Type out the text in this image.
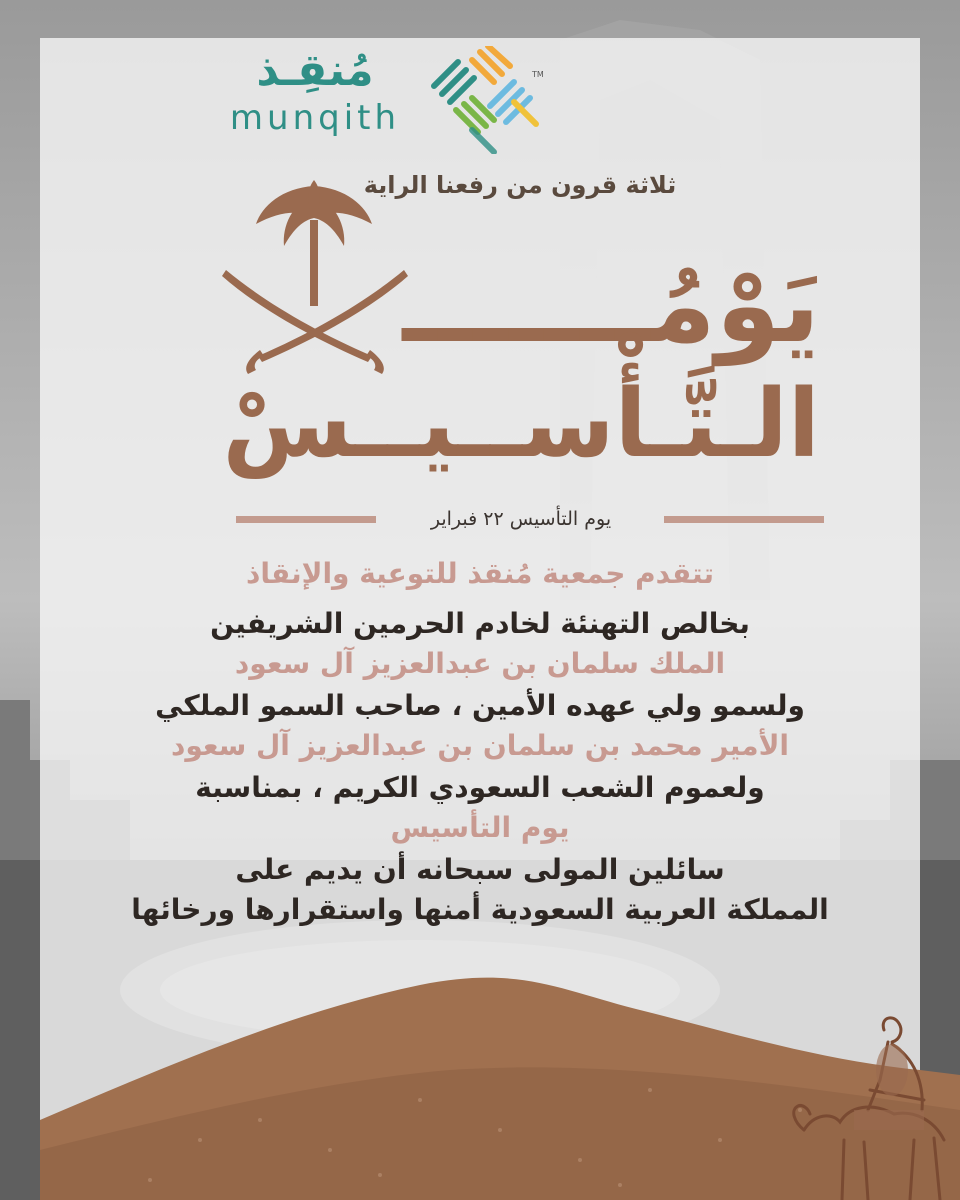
مُنقِـذ
munqith
TM
ثلاثة قرون من رفعنا الراية
يَوْمُـــــــ
الـتَّـأْســيــسْ
يوم التأسيس ٢٢ فبراير
تتقدم جمعية مُنقذ للتوعية والإنقاذ
بخالص التهنئة لخادم الحرمين الشريفين
الملك سلمان بن عبدالعزيز آل سعود
ولسمو ولي عهده الأمين ، صاحب السمو الملكي
الأمير محمد بن سلمان بن عبدالعزيز آل سعود
ولعموم الشعب السعودي الكريم ، بمناسبة
يوم التأسيس
سائلين المولى سبحانه أن يديم على
المملكة العربية السعودية أمنها واستقرارها ورخائها
